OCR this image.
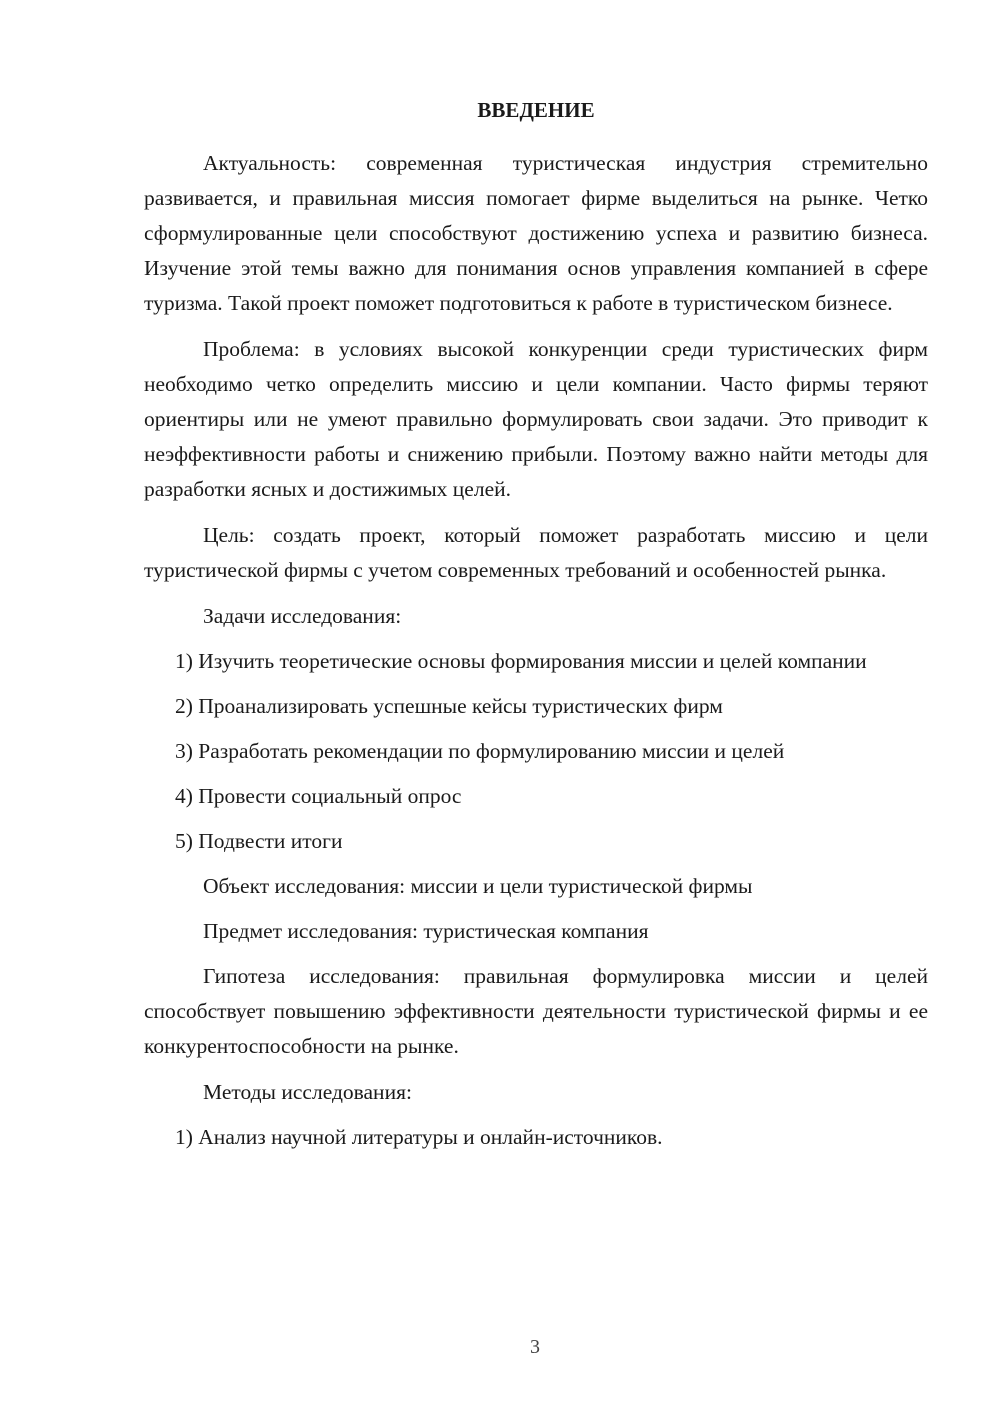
ВВЕДЕНИЕ

Актуальность: современная туристическая индустрия стремительно развивается, и правильная миссия помогает фирме выделиться на рынке. Четко сформулированные цели способствуют достижению успеха и развитию бизнеса. Изучение этой темы важно для понимания основ управления компанией в сфере туризма. Такой проект поможет подготовиться к работе в туристическом бизнесе.

Проблема: в условиях высокой конкуренции среди туристических фирм необходимо четко определить миссию и цели компании. Часто фирмы теряют ориентиры или не умеют правильно формулировать свои задачи. Это приводит к неэффективности работы и снижению прибыли. Поэтому важно найти методы для разработки ясных и достижимых целей.

Цель: создать проект, который поможет разработать миссию и цели туристической фирмы с учетом современных требований и особенностей рынка.

Задачи исследования:

1) Изучить теоретические основы формирования миссии и целей компании

2) Проанализировать успешные кейсы туристических фирм

3) Разработать рекомендации по формулированию миссии и целей

4) Провести социальный опрос

5) Подвести итоги

Объект исследования: миссии и цели туристической фирмы

Предмет исследования: туристическая компания

Гипотеза исследования: правильная формулировка миссии и целей способствует повышению эффективности деятельности туристической фирмы и ее конкурентоспособности на рынке.

Методы исследования:

1) Анализ научной литературы и онлайн-источников.

3
